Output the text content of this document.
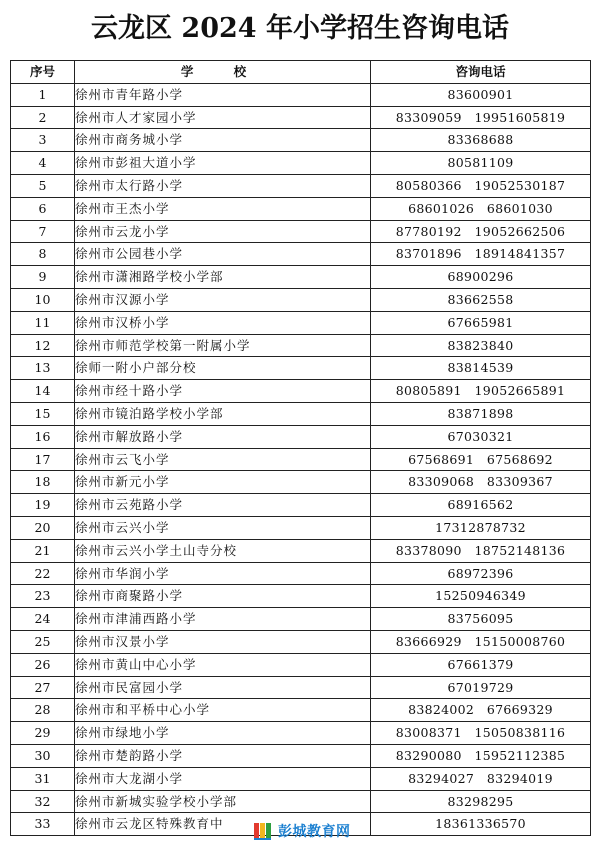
云龙区 2024 年小学招生咨询电话
序号	学 校	咨询电话
1	徐州市青年路小学	83600901
2	徐州市人才家园小学	83309059　19951605819
3	徐州市商务城小学	83368688
4	徐州市彭祖大道小学	80581109
5	徐州市太行路小学	80580366　19052530187
6	徐州市王杰小学	68601026　68601030
7	徐州市云龙小学	87780192　19052662506
8	徐州市公园巷小学	83701896　18914841357
9	徐州市潇湘路学校小学部	68900296
10	徐州市汉源小学	83662558
11	徐州市汉桥小学	67665981
12	徐州市师范学校第一附属小学	83823840
13	徐师一附小户部分校	83814539
14	徐州市经十路小学	80805891　19052665891
15	徐州市镜泊路学校小学部	83871898
16	徐州市解放路小学	67030321
17	徐州市云飞小学	67568691　67568692
18	徐州市新元小学	83309068　83309367
19	徐州市云苑路小学	68916562
20	徐州市云兴小学	17312878732
21	徐州市云兴小学土山寺分校	83378090　18752148136
22	徐州市华润小学	68972396
23	徐州市商聚路小学	15250946349
24	徐州市津浦西路小学	83756095
25	徐州市汉景小学	83666929　15150008760
26	徐州市黄山中心小学	67661379
27	徐州市民富园小学	67019729
28	徐州市和平桥中心小学	83824002　67669329
29	徐州市绿地小学	83008371　15050838116
30	徐州市楚韵路小学	83290080　15952112385
31	徐州市大龙湖小学	83294027　83294019
32	徐州市新城实验学校小学部	83298295
33	徐州市云龙区特殊教育中	18361336570
彭城教育网
